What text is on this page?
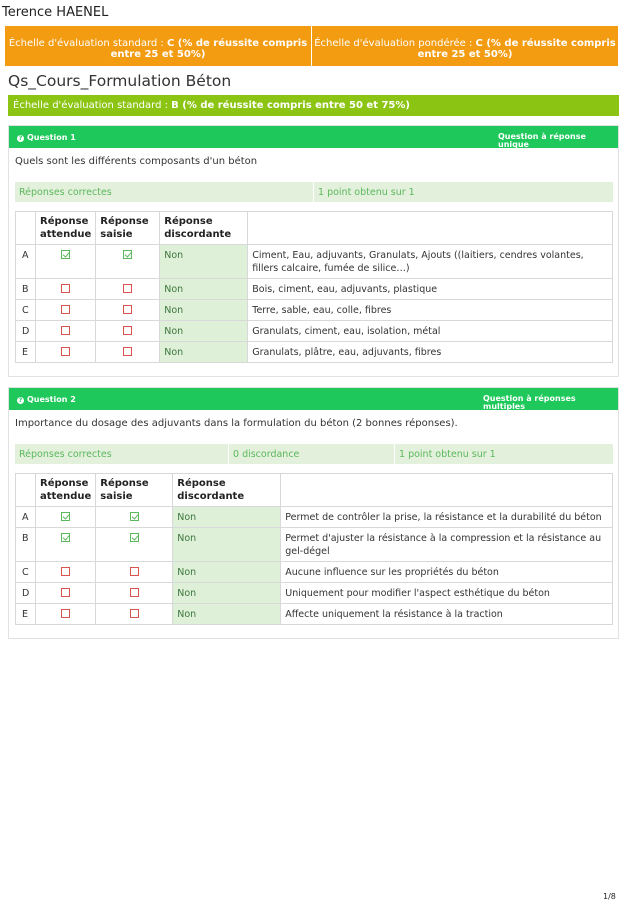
Terence HAENEL
Échelle d'évaluation standard : C (% de réussite compris entre 25 et 50%)
Échelle d'évaluation pondérée : C (% de réussite compris entre 25 et 50%)
Qs_Cours_Formulation Béton
Échelle d'évaluation standard : B (% de réussite compris entre 50 et 75%)
? Question 1	Question à réponse unique
Quels sont les différents composants d'un béton
Réponses correctes	1 point obtenu sur 1
	Réponse attendue	Réponse saisie	Réponse discordante	
A			Non	Ciment, Eau, adjuvants, Granulats, Ajouts ((laitiers, cendres volantes, fillers calcaire, fumée de silice…)
B			Non	Bois, ciment, eau, adjuvants, plastique
C			Non	Terre, sable, eau, colle, fibres
D			Non	Granulats, ciment, eau, isolation, métal
E			Non	Granulats, plâtre, eau, adjuvants, fibres
? Question 2	Question à réponses multiples
Importance du dosage des adjuvants dans la formulation du béton (2 bonnes réponses).
Réponses correctes	0 discordance	1 point obtenu sur 1
	Réponse attendue	Réponse saisie	Réponse discordante	
A			Non	Permet de contrôler la prise, la résistance et la durabilité du béton
B			Non	Permet d'ajuster la résistance à la compression et la résistance au gel-dégel
C			Non	Aucune influence sur les propriétés du béton
D			Non	Uniquement pour modifier l'aspect esthétique du béton
E			Non	Affecte uniquement la résistance à la traction
1/8
